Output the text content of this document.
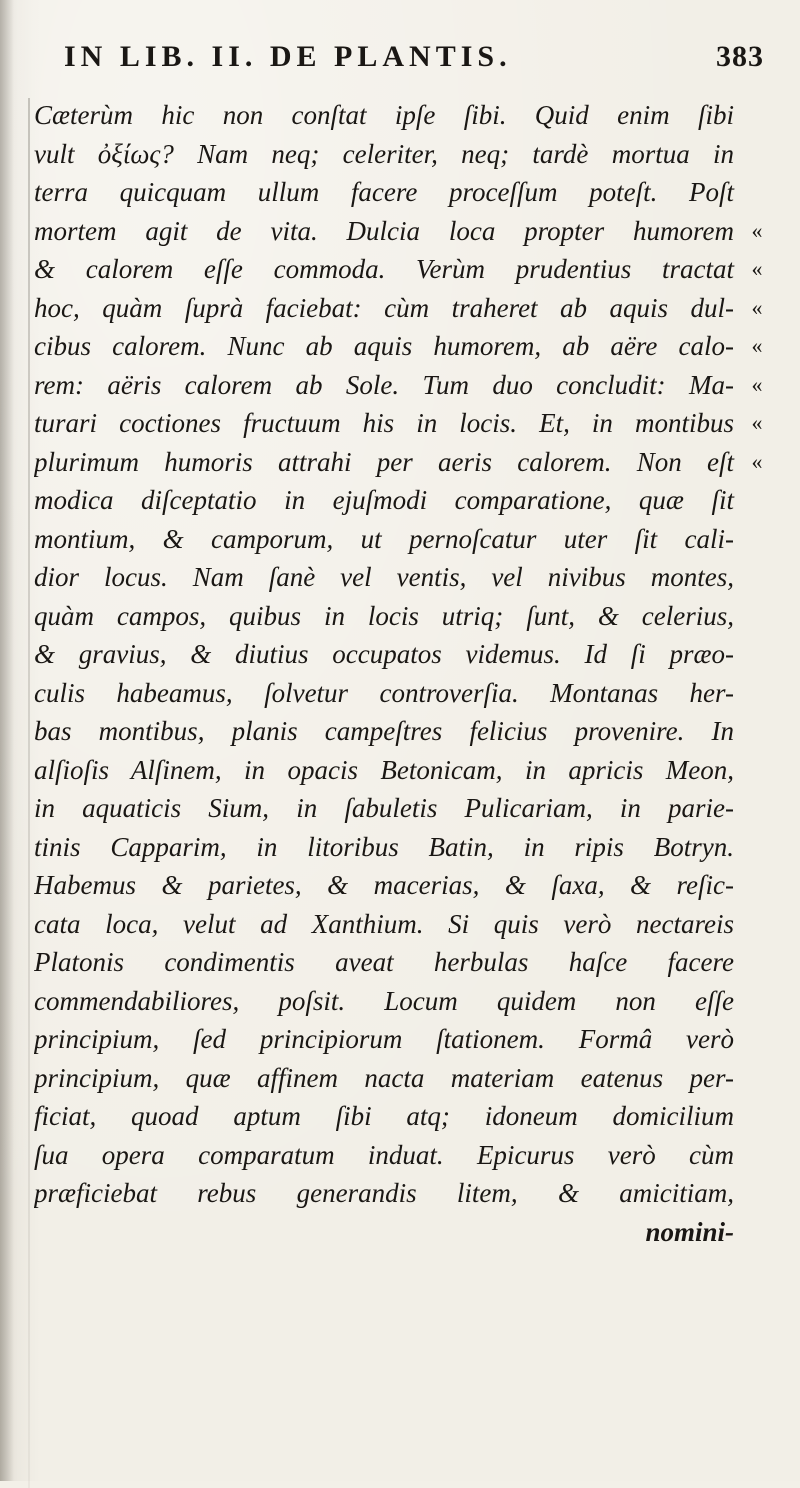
IN LIB. II. DE PLANTIS.	383
Cæterùm hic non conſtat ipſe ſibi. Quid enim ſibi
vult ὀξίως? Nam neq; celeriter, neq; tardè mortua in
terra quicquam ullum facere proceſſum poteſt. Poſt
mortem agit de vita. Dulcia loca propter humorem «
& calorem eſſe commoda. Verùm prudentius tractat «
hoc, quàm ſuprà faciebat: cùm traheret ab aquis dul- «
cibus calorem. Nunc ab aquis humorem, ab aëre calo- «
rem: aëris calorem ab Sole. Tum duo concludit: Ma- «
turari coctiones fructuum his in locis. Et, in montibus «
plurimum humoris attrahi per aeris calorem. Non eſt «
modica diſceptatio in ejuſmodi comparatione, quæ ſit
montium, & camporum, ut pernoſcatur uter ſit cali-
dior locus. Nam ſanè vel ventis, vel nivibus montes,
quàm campos, quibus in locis utriq; ſunt, & celerius,
& gravius, & diutius occupatos videmus. Id ſi præo-
culis habeamus, ſolvetur controverſia. Montanas her-
bas montibus, planis campeſtres felicius provenire. In
alſioſis Alſinem, in opacis Betonicam, in apricis Meon,
in aquaticis Sium, in ſabuletis Pulicariam, in parie-
tinis Capparim, in litoribus Batin, in ripis Botryn.
Habemus & parietes, & macerias, & ſaxa, & reſic-
cata loca, velut ad Xanthium. Si quis verò nectareis
Platonis condimentis aveat herbulas haſce facere
commendabiliores, poſsit. Locum quidem non eſſe
principium, ſed principiorum ſtationem. Formâ verò
principium, quæ affinem nacta materiam eatenus per-
ficiat, quoad aptum ſibi atq; idoneum domicilium
ſua opera comparatum induat. Epicurus verò cùm
præficiebat rebus generandis litem, & amicitiam,
nomini-
